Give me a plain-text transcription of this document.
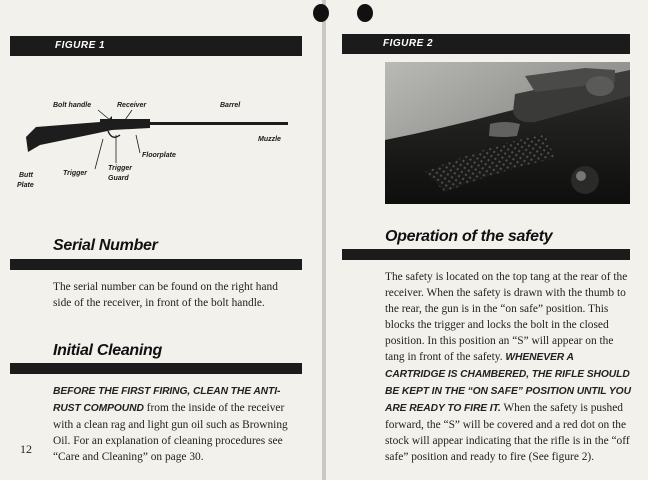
FIGURE 1
Bolt handle	Receiver	Barrel
Muzzle
Floorplate
Trigger
Guard
Trigger
Butt
Plate
Serial Number
The serial number can be found on the right hand side of the receiver, in front of the bolt handle.
Initial Cleaning
BEFORE THE FIRST FIRING, CLEAN THE ANTI-RUST COMPOUND from the inside of the receiver with a clean rag and light gun oil such as Browning Oil. For an explanation of cleaning procedures see “Care and Cleaning” on page 30.
12
FIGURE 2
Operation of the safety
The safety is located on the top tang at the rear of the receiver. When the safety is drawn with the thumb to the rear, the gun is in the “on safe” position. This blocks the trigger and locks the bolt in the closed position. In this position an “S” will appear on the tang in front of the safety. WHENEVER A CARTRIDGE IS CHAMBERED, THE RIFLE SHOULD BE KEPT IN THE “ON SAFE” POSITION UNTIL YOU ARE READY TO FIRE IT. When the safety is pushed forward, the “S” will be covered and a red dot on the stock will appear indicating that the rifle is in the “off safe” position and ready to fire (See figure 2).
